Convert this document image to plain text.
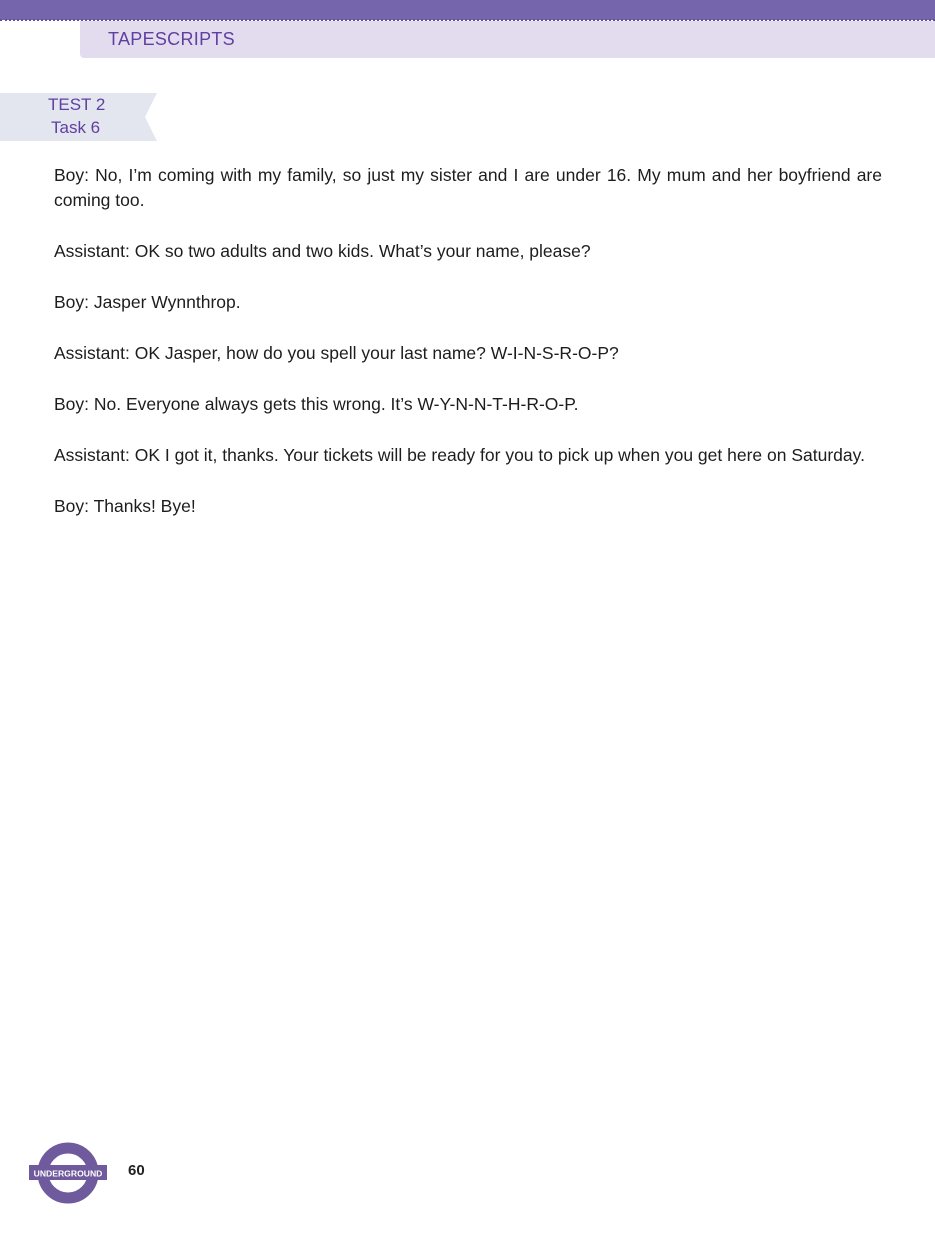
TAPESCRIPTS
TEST 2
Task 6

Boy: No, I’m coming with my family, so just my sister and I are under 16. My mum and her boyfriend are coming too.

Assistant: OK so two adults and two kids. What’s your name, please?

Boy: Jasper Wynnthrop.

Assistant: OK Jasper, how do you spell your last name? W-I-N-S-R-O-P?

Boy: No. Everyone always gets this wrong. It’s W-Y-N-N-T-H-R-O-P.

Assistant: OK I got it, thanks. Your tickets will be ready for you to pick up when you get here on Saturday.

Boy: Thanks! Bye!

UNDERGROUND 60
